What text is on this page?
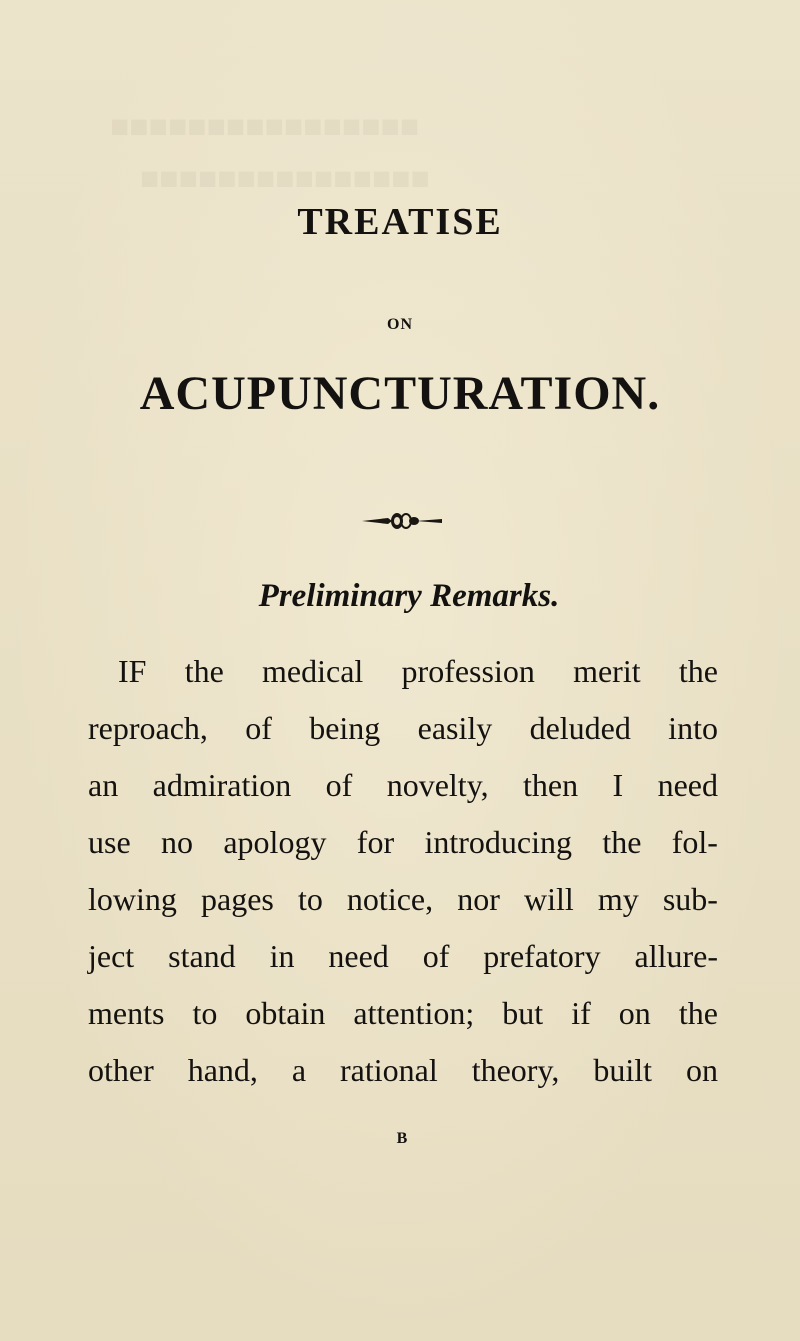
■■■■■■■■■■■■■■■■
■■■■■■■■■■■■■■■
TREATISE
ON
ACUPUNCTURATION.
Preliminary Remarks.
IF the medical profession merit the
reproach, of being easily deluded into
an admiration of novelty, then I need
use no apology for introducing the fol-
lowing pages to notice, nor will my sub-
ject stand in need of prefatory allure-
ments to obtain attention; but if on the
other hand, a rational theory, built on
B
